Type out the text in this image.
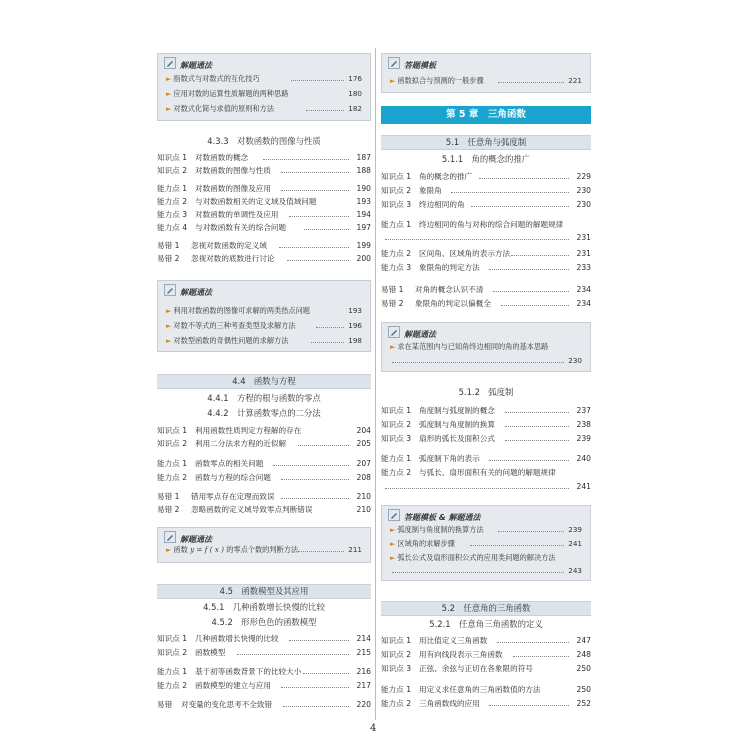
解题通法
► 指数式与对数式的互化技巧	176
► 应用对数的运算性质解题的两种思路	180
► 对数式化简与求值的原则和方法	182
4.3.3　对数函数的图像与性质
知识点 1 对数函数的概念	187
知识点 2 对数函数的图像与性质	188
能力点 1 对数函数的图像及应用	190
能力点 2 与对数函数相关的定义域及值域问题	193
能力点 3 对数函数的单调性及应用	194
能力点 4 与对数函数有关的综合问题	197
易错 1 忽视对数函数的定义域	199
易错 2 忽视对数的底数进行讨论	200
解题通法
► 利用对数函数的图像可求解的两类热点问题	193
► 对数不等式的三种考查类型及求解方法	196
► 对数型函数的奇偶性问题的求解方法	198
4.4　函数与方程
4.4.1　方程的根与函数的零点
4.4.2　计算函数零点的二分法
知识点 1 利用函数性质判定方程解的存在	204
知识点 2 利用二分法求方程的近似解	205
能力点 1 函数零点的相关问题	207
能力点 2 函数与方程的综合问题	208
易错 1 错用零点存在定理而致误	210
易错 2 忽略函数的定义域导致零点判断错误	210
解题通法
► 函数 y = f ( x ) 的零点个数的判断方法	211
4.5　函数模型及其应用
4.5.1　几种函数增长快慢的比较
4.5.2　形形色色的函数模型
知识点 1 几种函数增长快慢的比较	214
知识点 2 函数模型	215
能力点 1 基于初等函数背景下的比较大小	216
能力点 2 函数模型的建立与应用	217
易错 对变量的变化思考不全致错	220
答题模板
► 函数拟合与预测的一般步骤	221
第 5 章　三角函数
5.1　任意角与弧度制
5.1.1　角的概念的推广
知识点 1 角的概念的推广	229
知识点 2 象限角	230
知识点 3 终边相同的角	230
能力点 1 终边相同的角与对称的综合问题的解题规律
231
能力点 2 区间角、区域角的表示方法	231
能力点 3 象限角的判定方法	233
易错 1 对角的概念认识不清	234
易错 2 象限角的判定以偏概全	234
解题通法
► 求在某范围内与已知角终边相同的角的基本思路
230
5.1.2　弧度制
知识点 1 角度制与弧度制的概念	237
知识点 2 弧度制与角度制的换算	238
知识点 3 扇形的弧长及面积公式	239
能力点 1 弧度制下角的表示	240
能力点 2 与弧长、扇形面积有关的问题的解题规律
241
答题模板 & 解题通法
► 弧度制与角度制的换算方法	239
► 区域角的求解步骤	241
► 弧长公式及扇形面积公式的应用类问题的解决方法
243
5.2　任意角的三角函数
5.2.1　任意角三角函数的定义
知识点 1 用比值定义三角函数	247
知识点 2 用有向线段表示三角函数	248
知识点 3 正弦、余弦与正切在各象限的符号	250
能力点 1 用定义求任意角的三角函数值的方法	250
能力点 2 三角函数线的应用	252
4
